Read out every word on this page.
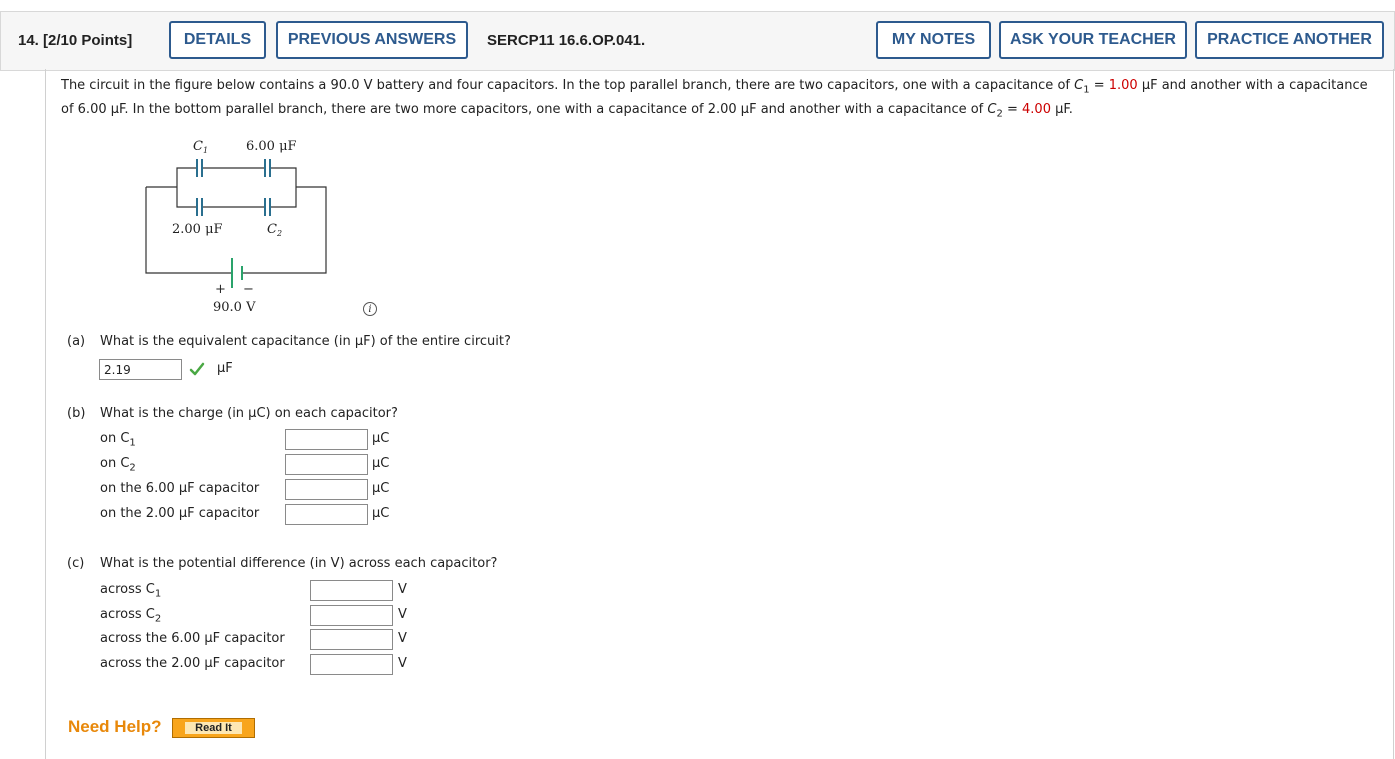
14. [2/10 Points]	DETAILS	PREVIOUS ANSWERS	SERCP11 16.6.OP.041.	MY NOTES	ASK YOUR TEACHER	PRACTICE ANOTHER
The circuit in the figure below contains a 90.0 V battery and four capacitors. In the top parallel branch, there are two capacitors, one with a capacitance of $C_1 = 1.00$ μF and another with a capacitance of 6.00 μF. In the bottom parallel branch, there are two more capacitors, one with a capacitance of 2.00 μF and another with a capacitance of $C_2 = 4.00$ μF.
$C_1$	6.00 μF
2.00 μF	$C_2$
+ −
90.0 V	i
(a) What is the equivalent capacitance (in μF) of the entire circuit?
2.19
μF
(b) What is the charge (in μC) on each capacitor?
on $C_1$	μC
on $C_2$	μC
on the 6.00 μF capacitor	μC
on the 2.00 μF capacitor	μC
(c) What is the potential difference (in V) across each capacitor?
across $C_1$	V
across $C_2$	V
across the 6.00 μF capacitor	V
across the 2.00 μF capacitor	V
Need Help?	Read It
